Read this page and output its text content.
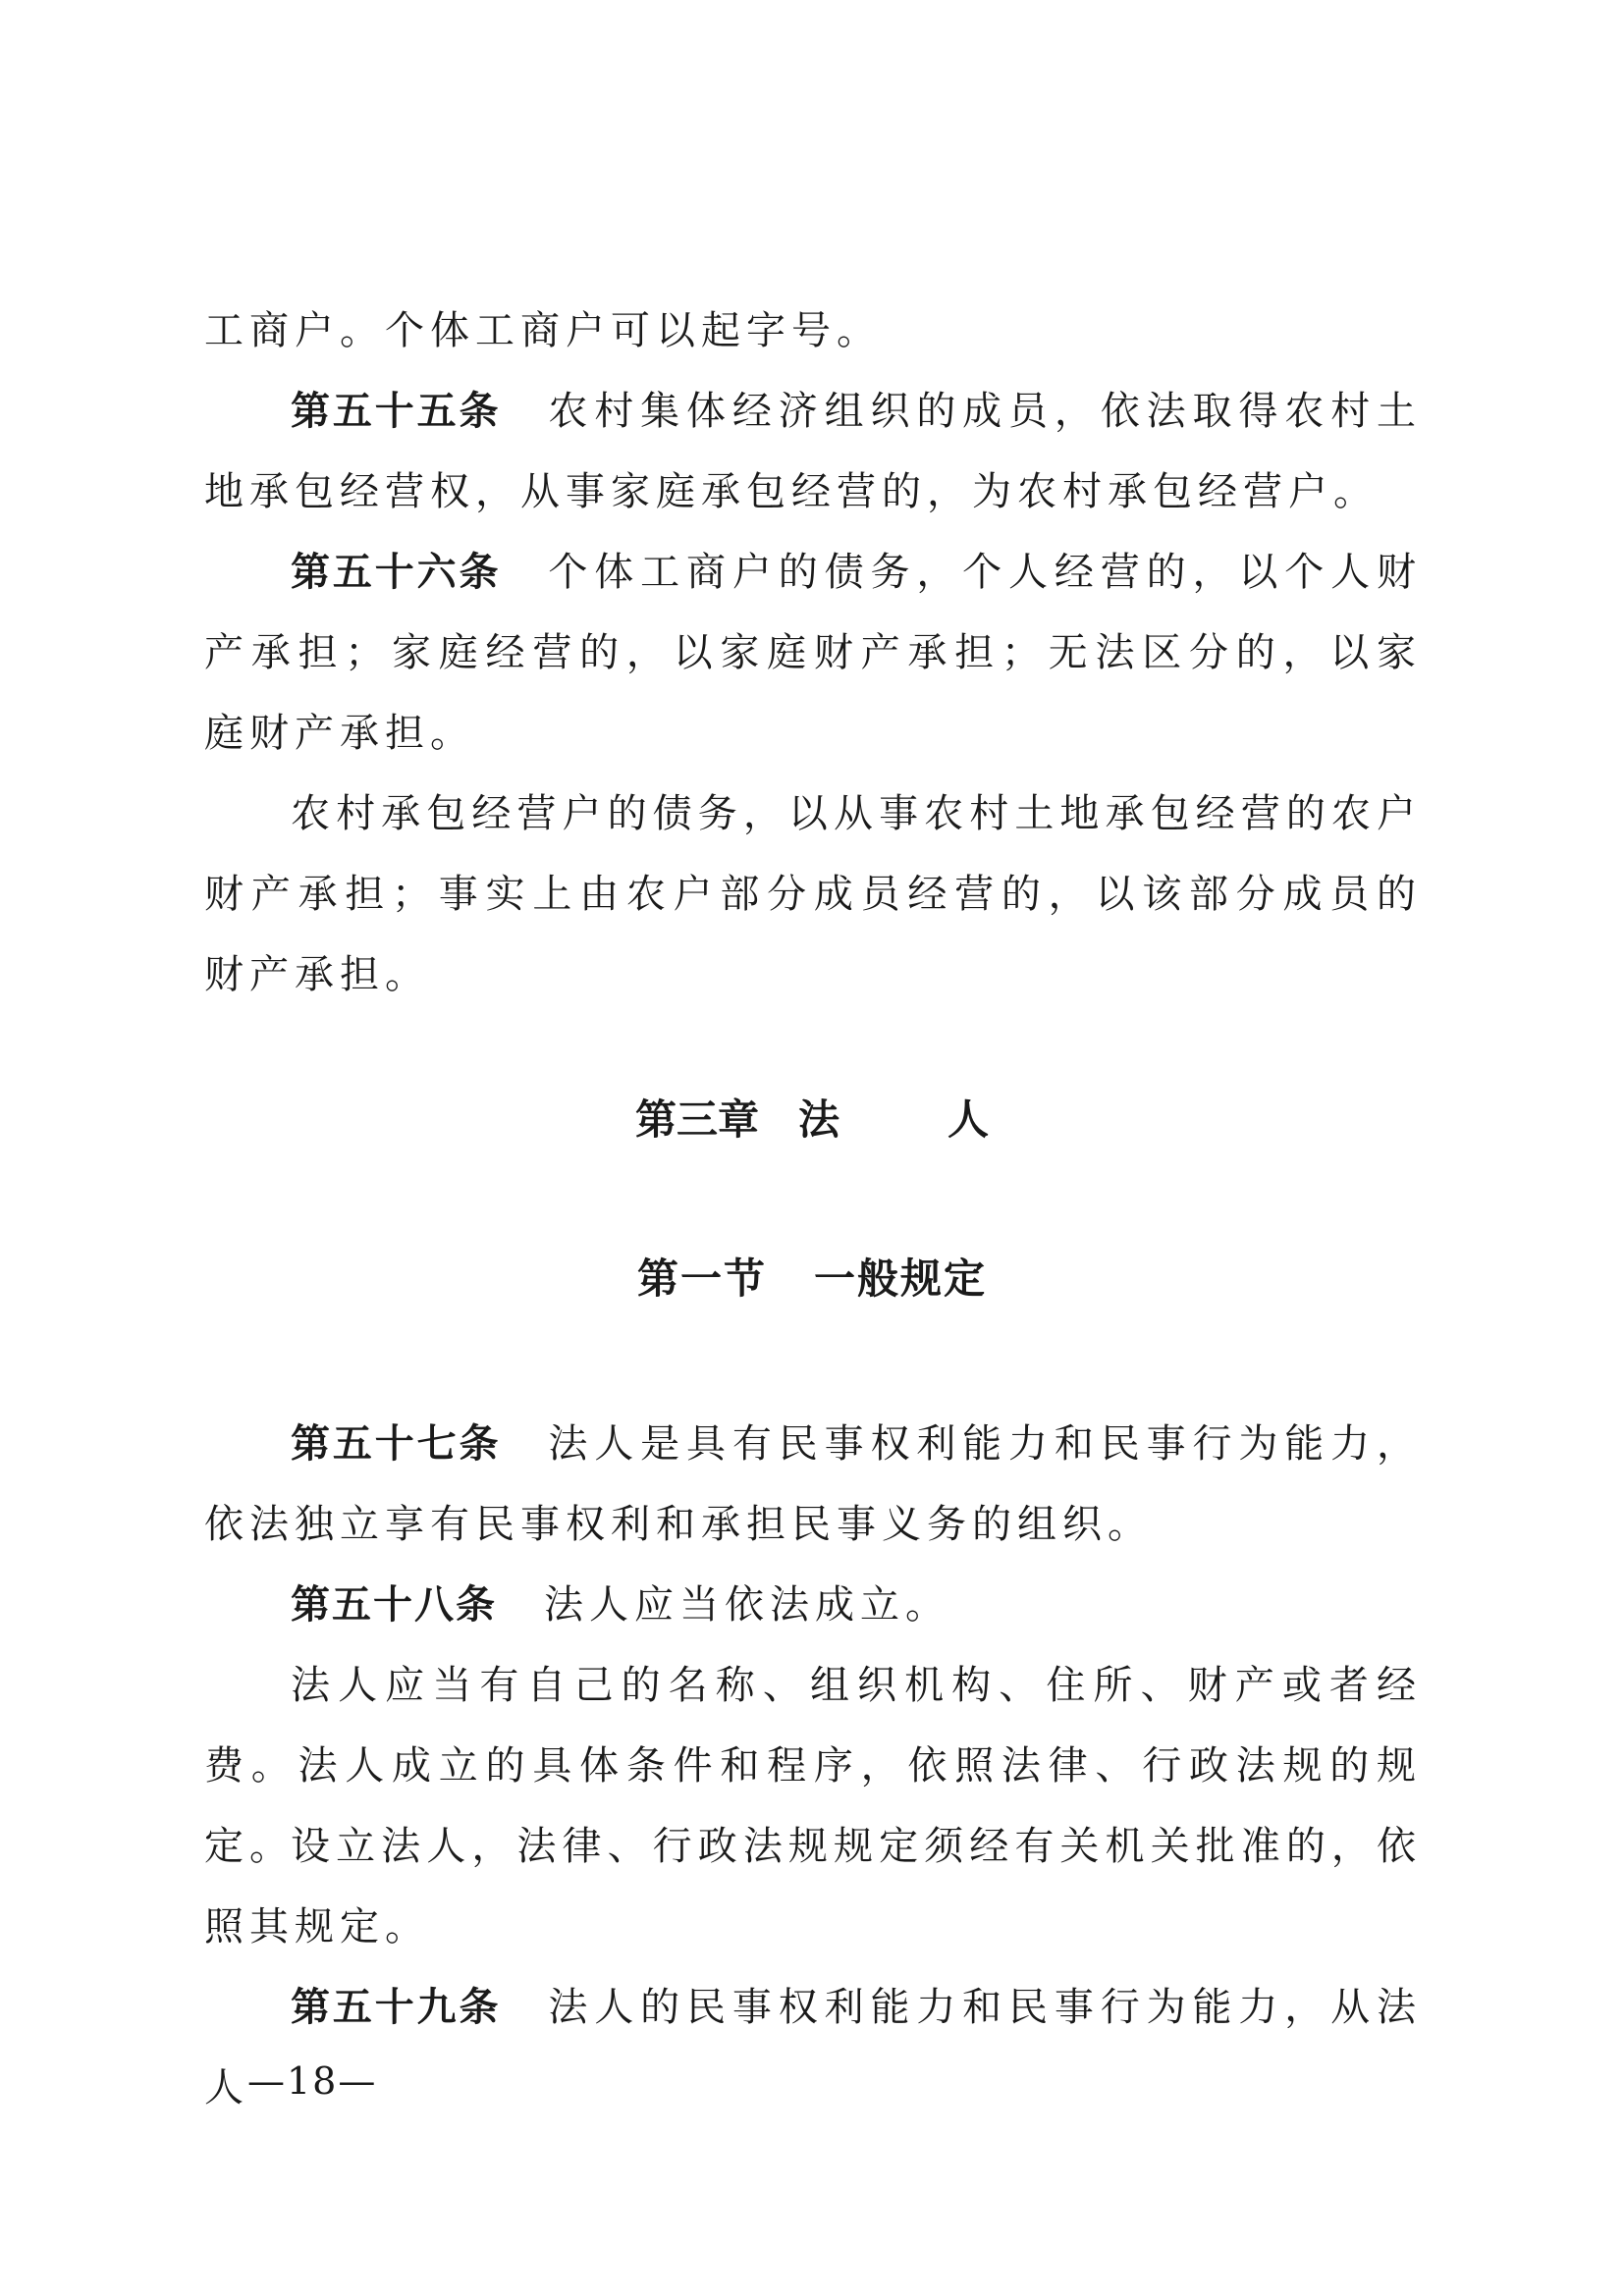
工商户。个体工商户可以起字号。

第五十五条 农村集体经济组织的成员，依法取得农村土地承包经营权，从事家庭承包经营的，为农村承包经营户。

第五十六条 个体工商户的债务，个人经营的，以个人财产承担；家庭经营的，以家庭财产承担；无法区分的，以家庭财产承担。

农村承包经营户的债务，以从事农村土地承包经营的农户财产承担；事实上由农户部分成员经营的，以该部分成员的财产承担。

第三章 法	人
第一节 一般规定

第五十七条 法人是具有民事权利能力和民事行为能力，依法独立享有民事权利和承担民事义务的组织。

第五十八条 法人应当依法成立。

法人应当有自己的名称、组织机构、住所、财产或者经费。法人成立的具体条件和程序，依照法律、行政法规的规定。

设立法人，法律、行政法规规定须经有关机关批准的，依照其规定。

第五十九条 法人的民事权利能力和民事行为能力，从法人

—18—
